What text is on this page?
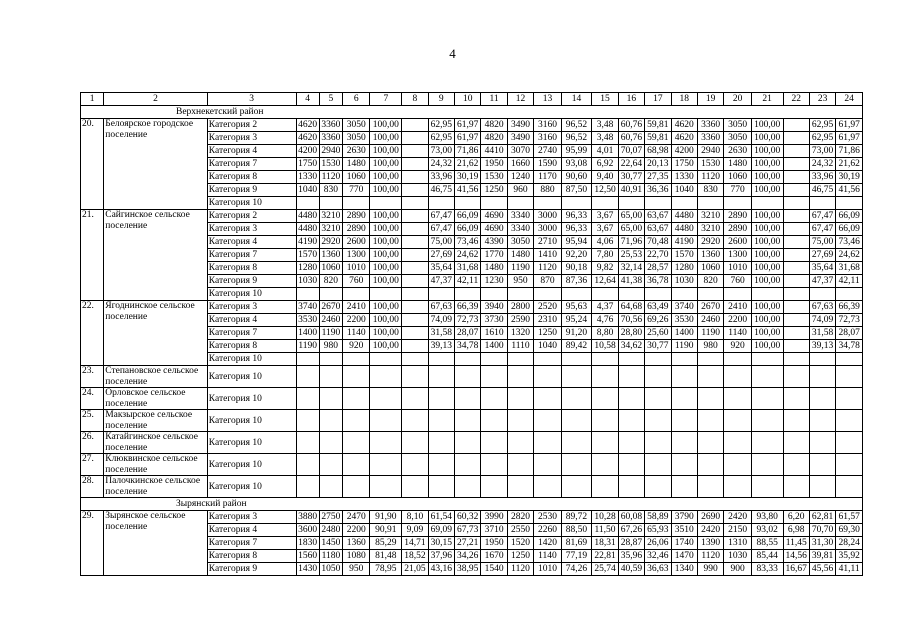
4
1	2	3	4	5	6	7	8	9	10	11	12	13	14	15	16	17	18	19	20	21	22	23	24
Верхнекетский район																							
20.	Белоярское городское поселение	Категория 2	4620	3360	3050	100,00		62,95	61,97	4820	3490	3160	96,52	3,48	60,76	59,81	4620	3360	3050	100,00		62,95	61,97
		Категория 3	4620	3360	3050	100,00		62,95	61,97	4820	3490	3160	96,52	3,48	60,76	59,81	4620	3360	3050	100,00		62,95	61,97
		Категория 4	4200	2940	2630	100,00		73,00	71,86	4410	3070	2740	95,99	4,01	70,07	68,98	4200	2940	2630	100,00		73,00	71,86
		Категория 7	1750	1530	1480	100,00		24,32	21,62	1950	1660	1590	93,08	6,92	22,64	20,13	1750	1530	1480	100,00		24,32	21,62
		Категория 8	1330	1120	1060	100,00		33,96	30,19	1530	1240	1170	90,60	9,40	30,77	27,35	1330	1120	1060	100,00		33,96	30,19
		Категория 9	1040	830	770	100,00		46,75	41,56	1250	960	880	87,50	12,50	40,91	36,36	1040	830	770	100,00		46,75	41,56
		Категория 10																					
21.	Сайгинское сельское поселение	Категория 2	4480	3210	2890	100,00		67,47	66,09	4690	3340	3000	96,33	3,67	65,00	63,67	4480	3210	2890	100,00		67,47	66,09
		Категория 3	4480	3210	2890	100,00		67,47	66,09	4690	3340	3000	96,33	3,67	65,00	63,67	4480	3210	2890	100,00		67,47	66,09
		Категория 4	4190	2920	2600	100,00		75,00	73,46	4390	3050	2710	95,94	4,06	71,96	70,48	4190	2920	2600	100,00		75,00	73,46
		Категория 7	1570	1360	1300	100,00		27,69	24,62	1770	1480	1410	92,20	7,80	25,53	22,70	1570	1360	1300	100,00		27,69	24,62
		Категория 8	1280	1060	1010	100,00		35,64	31,68	1480	1190	1120	90,18	9,82	32,14	28,57	1280	1060	1010	100,00		35,64	31,68
		Категория 9	1030	820	760	100,00		47,37	42,11	1230	950	870	87,36	12,64	41,38	36,78	1030	820	760	100,00		47,37	42,11
		Категория 10																					
22.	Ягоднинское сельское поселение	Категория 3	3740	2670	2410	100,00		67,63	66,39	3940	2800	2520	95,63	4,37	64,68	63,49	3740	2670	2410	100,00		67,63	66,39
		Категория 4	3530	2460	2200	100,00		74,09	72,73	3730	2590	2310	95,24	4,76	70,56	69,26	3530	2460	2200	100,00		74,09	72,73
		Категория 7	1400	1190	1140	100,00		31,58	28,07	1610	1320	1250	91,20	8,80	28,80	25,60	1400	1190	1140	100,00		31,58	28,07
		Категория 8	1190	980	920	100,00		39,13	34,78	1400	1110	1040	89,42	10,58	34,62	30,77	1190	980	920	100,00		39,13	34,78
		Категория 10																					
23.	Степановское сельское поселение	Категория 10																					
24.	Орловское сельское поселение	Категория 10																					
25.	Макзырское сельское поселение	Категория 10																					
26.	Катайгинское сельское поселение	Категория 10																					
27.	Клюквинское сельское поселение	Категория 10																					
28.	Палочкинское сельское поселение	Категория 10																					
Зырянский район																							
29.	Зырянское сельское поселение	Категория 3	3880	2750	2470	91,90	8,10	61,54	60,32	3990	2820	2530	89,72	10,28	60,08	58,89	3790	2690	2420	93,80	6,20	62,81	61,57
		Категория 4	3600	2480	2200	90,91	9,09	69,09	67,73	3710	2550	2260	88,50	11,50	67,26	65,93	3510	2420	2150	93,02	6,98	70,70	69,30
		Категория 7	1830	1450	1360	85,29	14,71	30,15	27,21	1950	1520	1420	81,69	18,31	28,87	26,06	1740	1390	1310	88,55	11,45	31,30	28,24
		Категория 8	1560	1180	1080	81,48	18,52	37,96	34,26	1670	1250	1140	77,19	22,81	35,96	32,46	1470	1120	1030	85,44	14,56	39,81	35,92
		Категория 9	1430	1050	950	78,95	21,05	43,16	38,95	1540	1120	1010	74,26	25,74	40,59	36,63	1340	990	900	83,33	16,67	45,56	41,11
